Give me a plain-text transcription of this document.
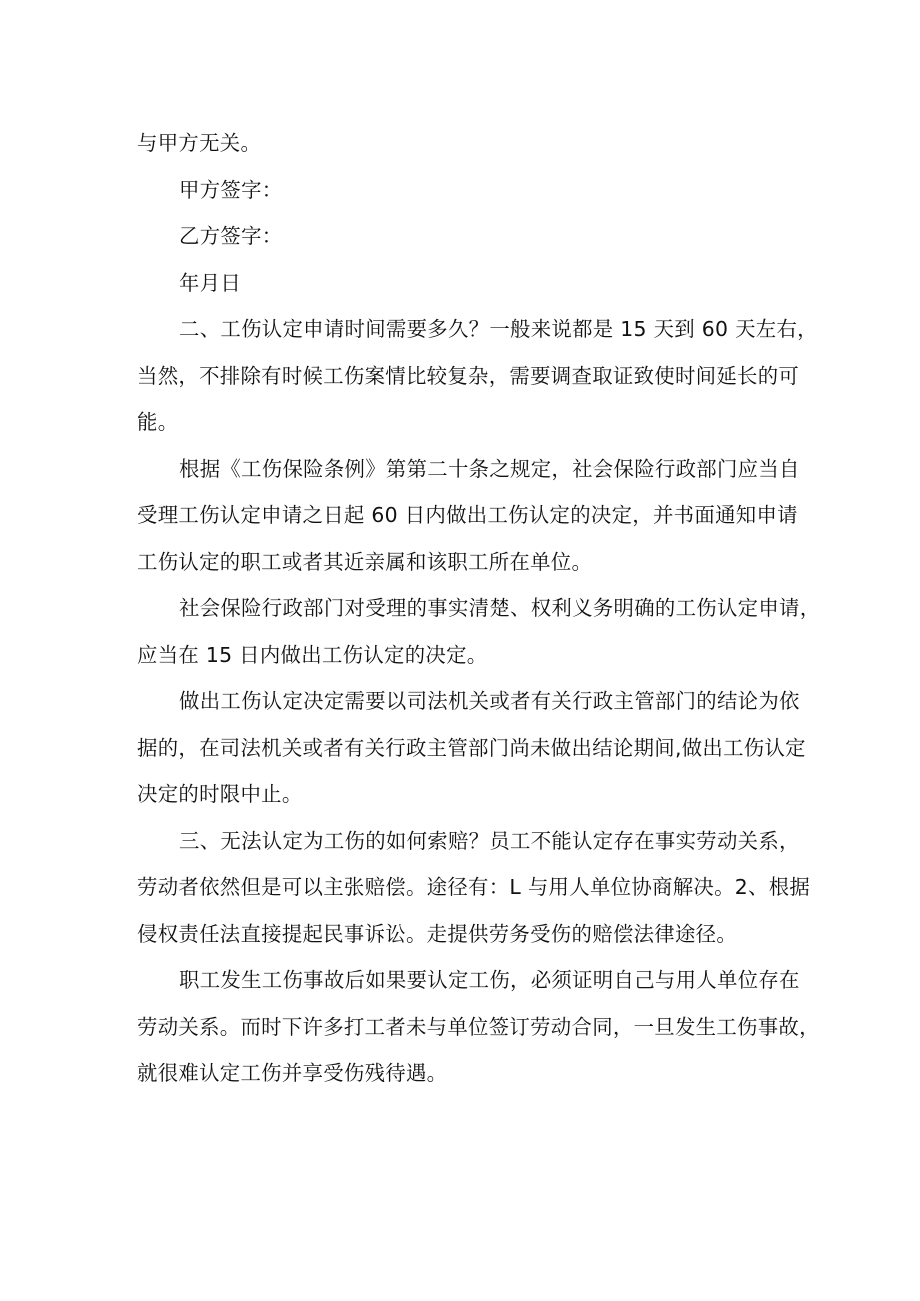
与甲方无关。

甲方签字：

乙方签字：

年月日

二、工伤认定申请时间需要多久？一般来说都是 15 天到 60 天左右，
当然，不排除有时候工伤案情比较复杂，需要调查取证致使时间延长的可
能。

根据《工伤保险条例》第第二十条之规定，社会保险行政部门应当自
受理工伤认定申请之日起 60 日内做出工伤认定的决定，并书面通知申请
工伤认定的职工或者其近亲属和该职工所在单位。

社会保险行政部门对受理的事实清楚、权利义务明确的工伤认定申请，
应当在 15 日内做出工伤认定的决定。

做出工伤认定决定需要以司法机关或者有关行政主管部门的结论为依
据的，在司法机关或者有关行政主管部门尚未做出结论期间,做出工伤认定
决定的时限中止。

三、无法认定为工伤的如何索赔？员工不能认定存在事实劳动关系，
劳动者依然但是可以主张赔偿。途径有：L 与用人单位协商解决。2、根据
侵权责任法直接提起民事诉讼。走提供劳务受伤的赔偿法律途径。

职工发生工伤事故后如果要认定工伤，必须证明自己与用人单位存在
劳动关系。而时下许多打工者未与单位签订劳动合同，一旦发生工伤事故，
就很难认定工伤并享受伤残待遇。
